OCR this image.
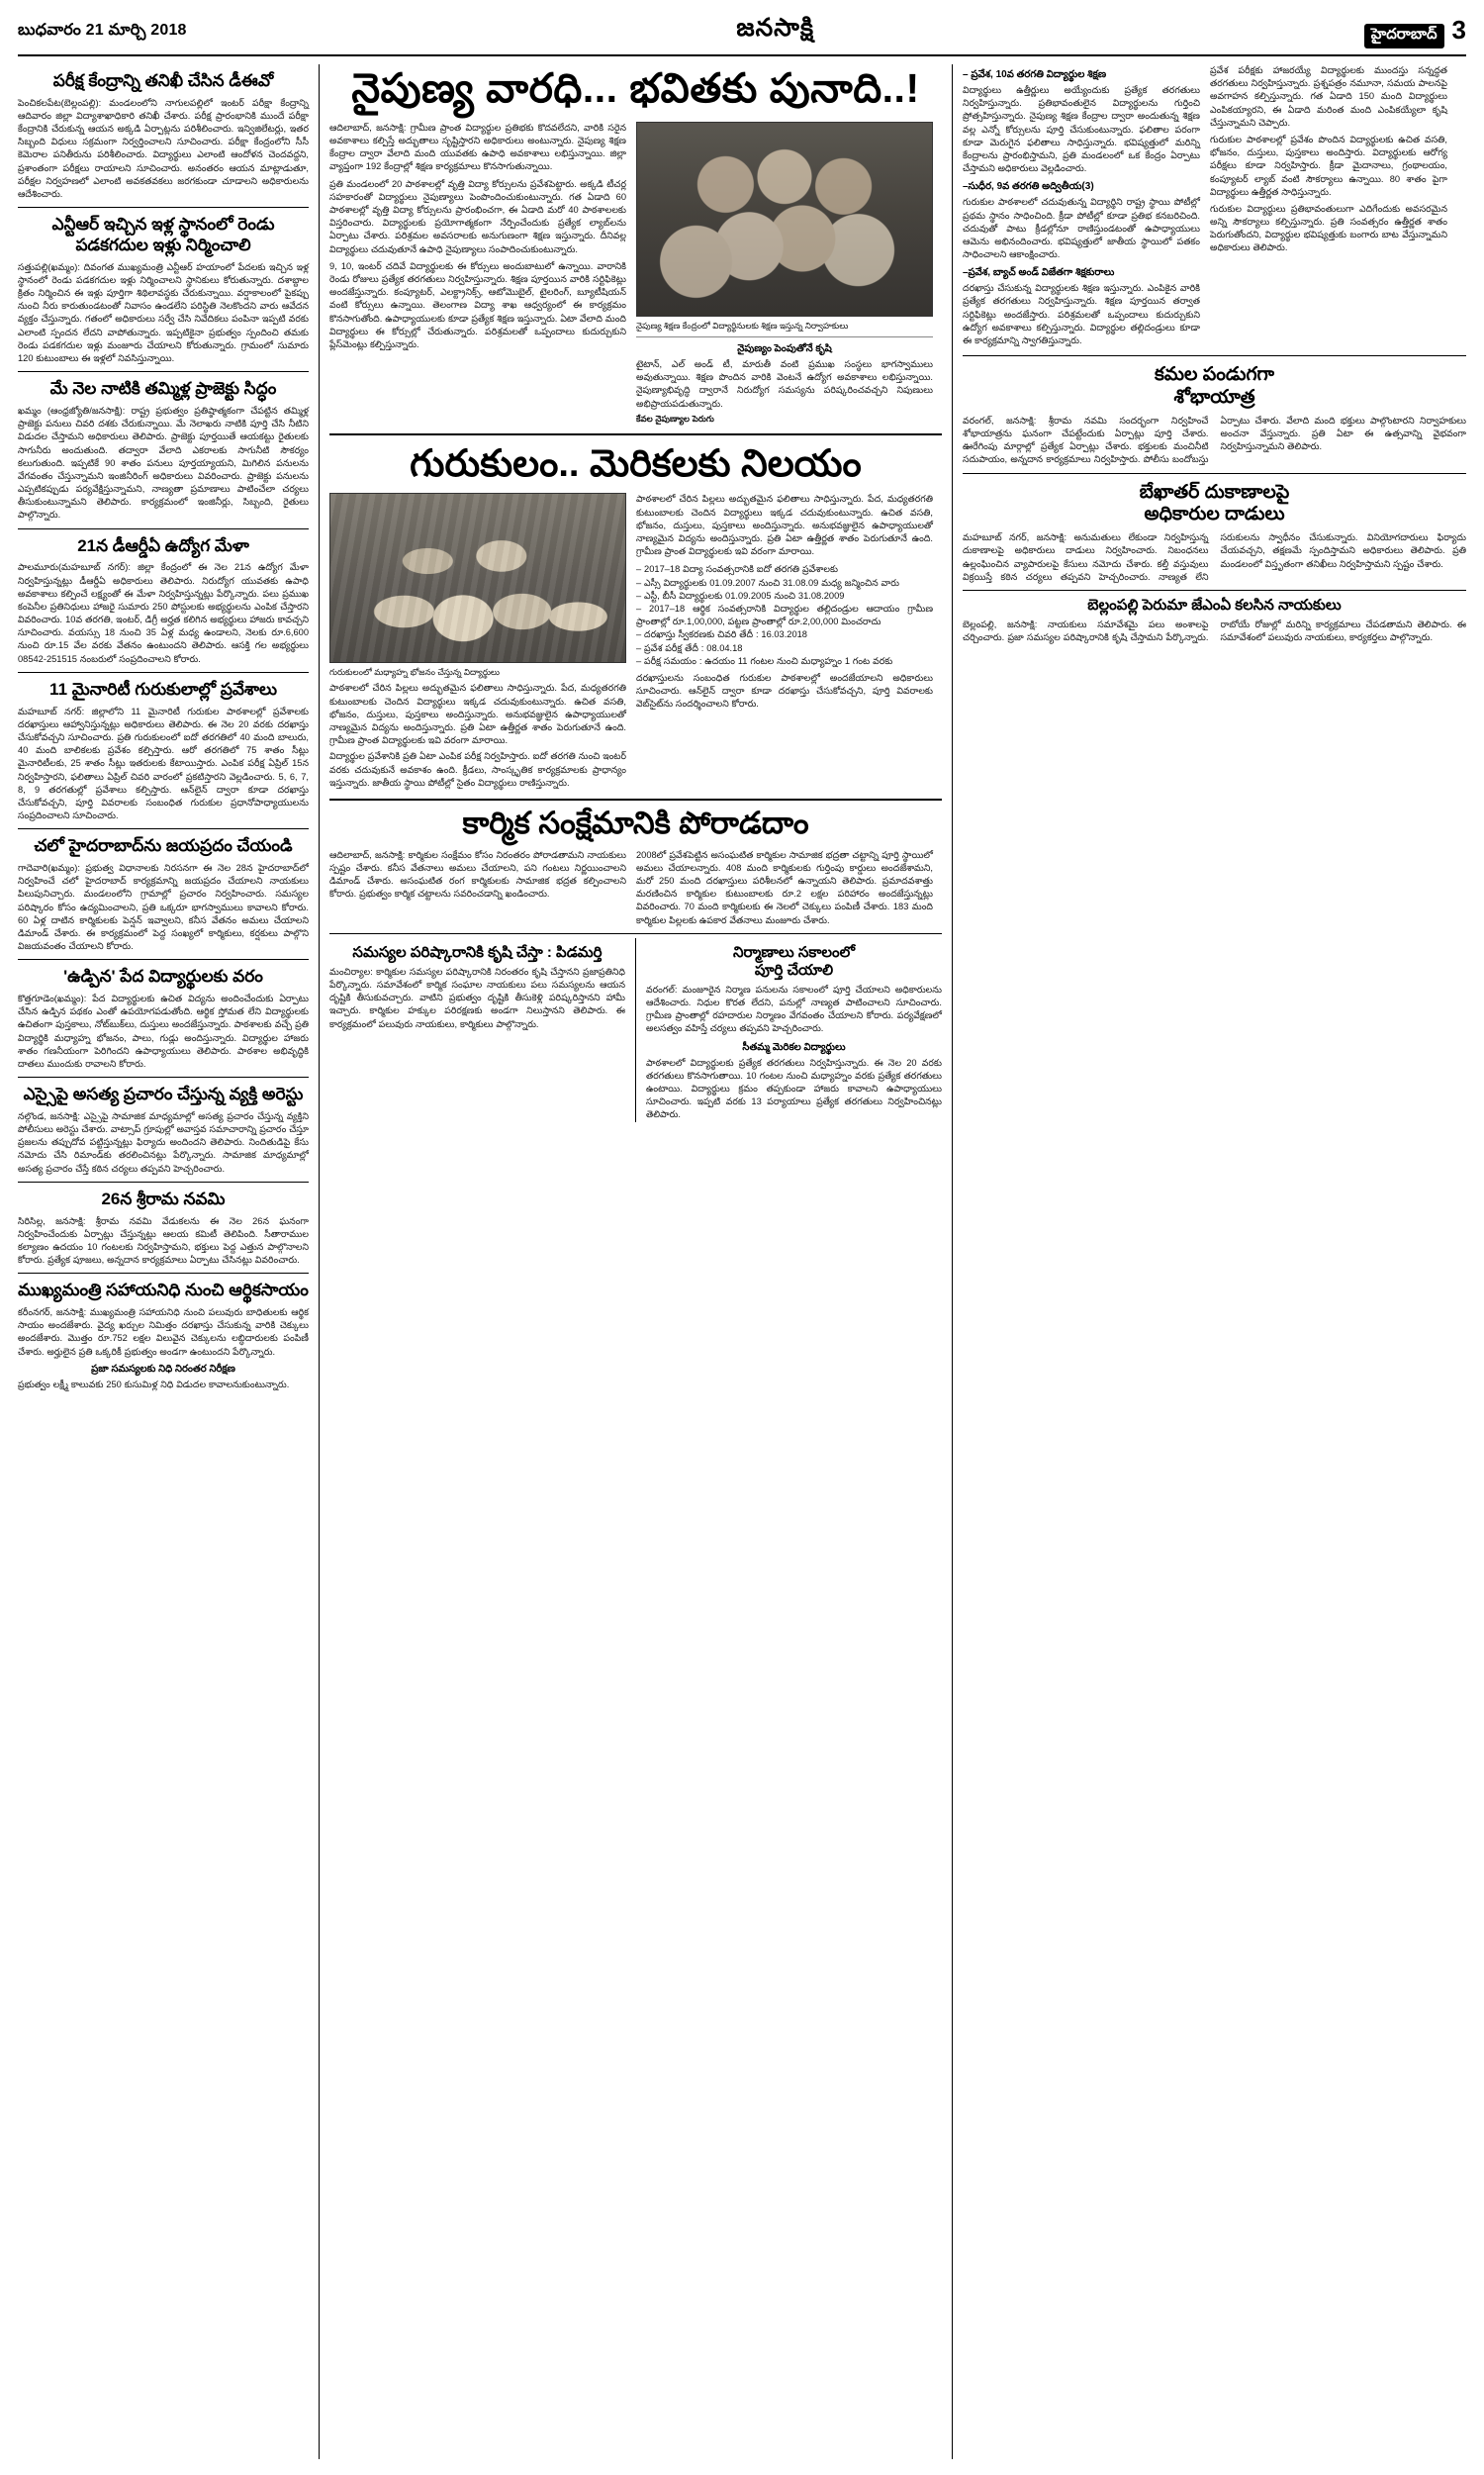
బుధవారం 21 మార్చి 2018	జనసాక్షి	హైదరాబాద్ 3
పరీక్ష కేంద్రాన్ని తనిఖీ చేసిన డీఈవో
పెంచికలపేట(బెల్లంపల్లి): మండలంలోని నాగులపల్లిలో ఇంటర్ పరీక్షా కేంద్రాన్ని ఆదివారం జిల్లా విద్యాశాఖాధికారి తనిఖీ చేశారు. పరీక్ష ప్రారంభానికి ముందే పరీక్షా కేంద్రానికి చేరుకున్న ఆయన అక్కడి ఏర్పాట్లను పరిశీలించారు. ఇన్విజిలేటర్లు, ఇతర సిబ్బంది విధులు సక్రమంగా నిర్వర్తించాలని సూచించారు. పరీక్షా కేంద్రంలోని సీసీ కెమెరాల పనితీరును పరిశీలించారు. విద్యార్థులు ఎలాంటి ఆందోళన చెందవద్దని, ప్రశాంతంగా పరీక్షలు రాయాలని సూచించారు. అనంతరం ఆయన మాట్లాడుతూ, పరీక్షల నిర్వహణలో ఎలాంటి అవకతవకలు జరగకుండా చూడాలని అధికారులను ఆదేశించారు.
ఎన్టీఆర్ ఇచ్చిన ఇళ్ల స్థానంలో రెండు
పడకగదుల ఇళ్లు నిర్మించాలి
సత్తుపల్లి(ఖమ్మం): దివంగత ముఖ్యమంత్రి ఎన్టీఆర్ హయాంలో పేదలకు ఇచ్చిన ఇళ్ల స్థానంలో రెండు పడకగదుల ఇళ్లు నిర్మించాలని స్థానికులు కోరుతున్నారు. దశాబ్దాల క్రితం నిర్మించిన ఈ ఇళ్లు పూర్తిగా శిథిలావస్థకు చేరుకున్నాయి. వర్షాకాలంలో పైకప్పు నుంచి నీరు కారుతుండటంతో నివాసం ఉండలేని పరిస్థితి నెలకొందని వారు ఆవేదన వ్యక్తం చేస్తున్నారు. గతంలో అధికారులు సర్వే చేసి నివేదికలు పంపినా ఇప్పటి వరకు ఎలాంటి స్పందన లేదని వాపోతున్నారు. ఇప్పటికైనా ప్రభుత్వం స్పందించి తమకు రెండు పడకగదుల ఇళ్లు మంజూరు చేయాలని కోరుతున్నారు. గ్రామంలో సుమారు 120 కుటుంబాలు ఈ ఇళ్లలో నివసిస్తున్నాయి.
మే నెల నాటికి తమ్మిళ్ల ప్రాజెక్టు సిద్ధం
ఖమ్మం (ఆంధ్రజ్యోతి/జనసాక్షి): రాష్ట్ర ప్రభుత్వం ప్రతిష్ఠాత్మకంగా చేపట్టిన తమ్మిళ్ల ప్రాజెక్టు పనులు చివరి దశకు చేరుకున్నాయి. మే నెలాఖరు నాటికి పూర్తి చేసి నీటిని విడుదల చేస్తామని అధికారులు తెలిపారు. ప్రాజెక్టు పూర్తయితే ఆయకట్టు రైతులకు సాగునీరు అందుతుంది. తద్వారా వేలాది ఎకరాలకు సాగునీటి సౌకర్యం కలుగుతుంది. ఇప్పటికే 90 శాతం పనులు పూర్తయ్యాయని, మిగిలిన పనులను వేగవంతం చేస్తున్నామని ఇంజినీరింగ్ అధికారులు వివరించారు. ప్రాజెక్టు పనులను ఎప్పటికప్పుడు పర్యవేక్షిస్తున్నామని, నాణ్యతా ప్రమాణాలు పాటించేలా చర్యలు తీసుకుంటున్నామని తెలిపారు. కార్యక్రమంలో ఇంజినీర్లు, సిబ్బంది, రైతులు పాల్గొన్నారు.
21న డీఆర్డీఏ ఉద్యోగ మేళా
పాలమూరు(మహబూబ్ నగర్): జిల్లా కేంద్రంలో ఈ నెల 21న ఉద్యోగ మేళా నిర్వహిస్తున్నట్లు డీఆర్డీఏ అధికారులు తెలిపారు. నిరుద్యోగ యువతకు ఉపాధి అవకాశాలు కల్పించే లక్ష్యంతో ఈ మేళా నిర్వహిస్తున్నట్లు పేర్కొన్నారు. పలు ప్రముఖ కంపెనీల ప్రతినిధులు హాజరై సుమారు 250 పోస్టులకు అభ్యర్థులను ఎంపిక చేస్తారని వివరించారు. 10వ తరగతి, ఇంటర్, డిగ్రీ అర్హత కలిగిన అభ్యర్థులు హాజరు కావచ్చని సూచించారు. వయస్సు 18 నుంచి 35 ఏళ్ల మధ్య ఉండాలని, నెలకు రూ.6,600 నుంచి రూ.15 వేల వరకు వేతనం ఉంటుందని తెలిపారు. ఆసక్తి గల అభ్యర్థులు 08542-251515 నంబరులో సంప్రదించాలని కోరారు.
11 మైనారిటీ గురుకులాల్లో ప్రవేశాలు
మహబూబ్ నగర్: జిల్లాలోని 11 మైనారిటీ గురుకుల పాఠశాలల్లో ప్రవేశాలకు దరఖాస్తులు ఆహ్వానిస్తున్నట్లు అధికారులు తెలిపారు. ఈ నెల 20 వరకు దరఖాస్తు చేసుకోవచ్చని సూచించారు. ప్రతి గురుకులంలో ఐదో తరగతిలో 40 మంది బాలురు, 40 మంది బాలికలకు ప్రవేశం కల్పిస్తారు. ఆరో తరగతిలో 75 శాతం సీట్లు మైనారిటీలకు, 25 శాతం సీట్లు ఇతరులకు కేటాయిస్తారు. ఎంపిక పరీక్ష ఏప్రిల్ 15న నిర్వహిస్తారని, ఫలితాలు ఏప్రిల్ చివరి వారంలో ప్రకటిస్తారని వెల్లడించారు. 5, 6, 7, 8, 9 తరగతుల్లో ప్రవేశాలు కల్పిస్తారు. ఆన్‌లైన్ ద్వారా కూడా దరఖాస్తు చేసుకోవచ్చని, పూర్తి వివరాలకు సంబంధిత గురుకుల ప్రధానోపాధ్యాయులను సంప్రదించాలని సూచించారు.
చలో హైదరాబాద్‌ను జయప్రదం చేయండి
గాదెవారి(ఖమ్మం): ప్రభుత్వ విధానాలకు నిరసనగా ఈ నెల 28న హైదరాబాద్‌లో నిర్వహించే చలో హైదరాబాద్ కార్యక్రమాన్ని జయప్రదం చేయాలని నాయకులు పిలుపునిచ్చారు. మండలంలోని గ్రామాల్లో ప్రచారం నిర్వహించారు. సమస్యల పరిష్కారం కోసం ఉద్యమించాలని, ప్రతి ఒక్కరూ భాగస్వాములు కావాలని కోరారు. 60 ఏళ్ల దాటిన కార్మికులకు పెన్షన్ ఇవ్వాలని, కనీస వేతనం అమలు చేయాలని డిమాండ్ చేశారు. ఈ కార్యక్రమంలో పెద్ద సంఖ్యలో కార్మికులు, కర్షకులు పాల్గొని విజయవంతం చేయాలని కోరారు.
'ఉడ్పిన' పేద విద్యార్థులకు వరం
కొత్తగూడెం(ఖమ్మం): పేద విద్యార్థులకు ఉచిత విద్యను అందించేందుకు ఏర్పాటు చేసిన ఉడ్పిన పథకం ఎంతో ఉపయోగపడుతోంది. ఆర్థిక స్తోమత లేని విద్యార్థులకు ఉచితంగా పుస్తకాలు, నోట్‌బుక్‌లు, దుస్తులు అందజేస్తున్నారు. పాఠశాలకు వచ్చే ప్రతి విద్యార్థికి మధ్యాహ్న భోజనం, పాలు, గుడ్లు అందిస్తున్నారు. విద్యార్థుల హాజరు శాతం గణనీయంగా పెరిగిందని ఉపాధ్యాయులు తెలిపారు. పాఠశాల అభివృద్ధికి దాతలు ముందుకు రావాలని కోరారు.
ఎస్సైపై అసత్య ప్రచారం చేస్తున్న వ్యక్తి అరెస్టు
నల్గొండ, జనసాక్షి: ఎస్సైపై సామాజిక మాధ్యమాల్లో అసత్య ప్రచారం చేస్తున్న వ్యక్తిని పోలీసులు అరెస్టు చేశారు. వాట్సాప్ గ్రూపుల్లో అవాస్తవ సమాచారాన్ని ప్రచారం చేస్తూ ప్రజలను తప్పుదోవ పట్టిస్తున్నట్లు ఫిర్యాదు అందిందని తెలిపారు. నిందితుడిపై కేసు నమోదు చేసి రిమాండ్‌కు తరలించినట్లు పేర్కొన్నారు. సామాజిక మాధ్యమాల్లో అసత్య ప్రచారం చేస్తే కఠిన చర్యలు తప్పవని హెచ్చరించారు.
26న శ్రీరామ నవమి
సిరిసిల్ల, జనసాక్షి: శ్రీరామ నవమి వేడుకలను ఈ నెల 26న ఘనంగా నిర్వహించేందుకు ఏర్పాట్లు చేస్తున్నట్లు ఆలయ కమిటీ తెలిపింది. సీతారాముల కల్యాణం ఉదయం 10 గంటలకు నిర్వహిస్తామని, భక్తులు పెద్ద ఎత్తున పాల్గొనాలని కోరారు. ప్రత్యేక పూజలు, అన్నదాన కార్యక్రమాలు ఏర్పాటు చేసినట్లు వివరించారు.
ముఖ్యమంత్రి సహాయనిధి నుంచి ఆర్థికసాయం
కరీంనగర్, జనసాక్షి: ముఖ్యమంత్రి సహాయనిధి నుంచి పలువురు బాధితులకు ఆర్థిక సాయం అందజేశారు. వైద్య ఖర్చుల నిమిత్తం దరఖాస్తు చేసుకున్న వారికి చెక్కులు అందజేశారు. మొత్తం రూ.752 లక్షల విలువైన చెక్కులను లబ్ధిదారులకు పంపిణీ చేశారు. అర్హులైన ప్రతి ఒక్కరికీ ప్రభుత్వం అండగా ఉంటుందని పేర్కొన్నారు.
ప్రజా సమస్యలకు నిధి నిరంతర నిరీక్షణ
ప్రభుత్వం లక్ష్మీ కాలువకు 250 కుసుమిళ్ల నిధి విడుదల కావాలనుకుంటున్నారు.
నైపుణ్య వారధి... భవితకు పునాది..!
ఆదిలాబాద్, జనసాక్షి: గ్రామీణ ప్రాంత విద్యార్థుల ప్రతిభకు కొదవలేదని, వారికి సరైన అవకాశాలు కల్పిస్తే అద్భుతాలు సృష్టిస్తారని అధికారులు అంటున్నారు. నైపుణ్య శిక్షణ కేంద్రాల ద్వారా వేలాది మంది యువతకు ఉపాధి అవకాశాలు లభిస్తున్నాయి. జిల్లా వ్యాప్తంగా 192 కేంద్రాల్లో శిక్షణ కార్యక్రమాలు కొనసాగుతున్నాయి.
ప్రతి మండలంలో 20 పాఠశాలల్లో వృత్తి విద్యా కోర్సులను ప్రవేశపెట్టారు. అక్కడి టీచర్ల సహకారంతో విద్యార్థులు నైపుణ్యాలు పెంపొందించుకుంటున్నారు. గత ఏడాది 60 పాఠశాలల్లో వృత్తి విద్యా కోర్సులను ప్రారంభించగా, ఈ ఏడాది మరో 40 పాఠశాలలకు విస్తరించారు. విద్యార్థులకు ప్రయోగాత్మకంగా నేర్పించేందుకు ప్రత్యేక ల్యాబ్‌లను ఏర్పాటు చేశారు. పరిశ్రమల అవసరాలకు అనుగుణంగా శిక్షణ ఇస్తున్నారు. దీనివల్ల విద్యార్థులు చదువుతూనే ఉపాధి నైపుణ్యాలు సంపాదించుకుంటున్నారు.
9, 10, ఇంటర్ చదివే విద్యార్థులకు ఈ కోర్సులు అందుబాటులో ఉన్నాయి. వారానికి రెండు రోజులు ప్రత్యేక తరగతులు నిర్వహిస్తున్నారు. శిక్షణ పూర్తయిన వారికి సర్టిఫికెట్లు అందజేస్తున్నారు. కంప్యూటర్, ఎలక్ట్రానిక్స్, ఆటోమొబైల్, టైలరింగ్, బ్యూటీషియన్ వంటి కోర్సులు ఉన్నాయి. తెలంగాణ విద్యా శాఖ ఆధ్వర్యంలో ఈ కార్యక్రమం కొనసాగుతోంది. ఉపాధ్యాయులకు కూడా ప్రత్యేక శిక్షణ ఇస్తున్నారు. ఏటా వేలాది మంది విద్యార్థులు ఈ కోర్సుల్లో చేరుతున్నారు. పరిశ్రమలతో ఒప్పందాలు కుదుర్చుకుని ప్లేస్‌మెంట్లు కల్పిస్తున్నారు.
నైపుణ్య శిక్షణ కేంద్రంలో విద్యార్థినులకు శిక్షణ ఇస్తున్న నిర్వాహకులు
నైపుణ్యం పెంపుతోనే కృషి
టైటాన్, ఎల్ అండ్ టీ, మారుతీ వంటి ప్రముఖ సంస్థలు భాగస్వాములు అవుతున్నాయి. శిక్షణ పొందిన వారికి వెంటనే ఉద్యోగ అవకాశాలు లభిస్తున్నాయి. నైపుణ్యాభివృద్ధి ద్వారానే నిరుద్యోగ సమస్యను పరిష్కరించవచ్చని నిపుణులు అభిప్రాయపడుతున్నారు.
కేవల నైపుణ్యాల పెరుగు
గురుకులం.. మెరికలకు నిలయం
గురుకులంలో మధ్యాహ్న భోజనం చేస్తున్న విద్యార్థులు
పాఠశాలలో చేరిన పిల్లలు అద్భుతమైన ఫలితాలు సాధిస్తున్నారు. పేద, మధ్యతరగతి కుటుంబాలకు చెందిన విద్యార్థులు ఇక్కడ చదువుకుంటున్నారు. ఉచిత వసతి, భోజనం, దుస్తులు, పుస్తకాలు అందిస్తున్నారు. అనుభవజ్ఞులైన ఉపాధ్యాయులతో నాణ్యమైన విద్యను అందిస్తున్నారు. ప్రతి ఏటా ఉత్తీర్ణత శాతం పెరుగుతూనే ఉంది. గ్రామీణ ప్రాంత విద్యార్థులకు ఇవి వరంగా మారాయి.
విద్యార్థుల ప్రవేశానికి ప్రతి ఏటా ఎంపిక పరీక్ష నిర్వహిస్తారు. ఐదో తరగతి నుంచి ఇంటర్ వరకు చదువుకునే అవకాశం ఉంది. క్రీడలు, సాంస్కృతిక కార్యక్రమాలకు ప్రాధాన్యం ఇస్తున్నారు. జాతీయ స్థాయి పోటీల్లో సైతం విద్యార్థులు రాణిస్తున్నారు.
పాఠశాలలో చేరిన పిల్లలు అద్భుతమైన ఫలితాలు సాధిస్తున్నారు. పేద, మధ్యతరగతి కుటుంబాలకు చెందిన విద్యార్థులు ఇక్కడ చదువుకుంటున్నారు. ఉచిత వసతి, భోజనం, దుస్తులు, పుస్తకాలు అందిస్తున్నారు. అనుభవజ్ఞులైన ఉపాధ్యాయులతో నాణ్యమైన విద్యను అందిస్తున్నారు. ప్రతి ఏటా ఉత్తీర్ణత శాతం పెరుగుతూనే ఉంది. గ్రామీణ ప్రాంత విద్యార్థులకు ఇవి వరంగా మారాయి.
– 2017–18 విద్యా సంవత్సరానికి ఐదో తరగతి ప్రవేశాలకు
– ఎస్సీ విద్యార్థులకు 01.09.2007 నుంచి 31.08.09 మధ్య జన్మించిన వారు
– ఎస్టీ, బీసీ విద్యార్థులకు 01.09.2005 నుంచి 31.08.2009
– 2017–18 ఆర్థిక సంవత్సరానికి విద్యార్థుల తల్లిదండ్రుల ఆదాయం గ్రామీణ ప్రాంతాల్లో రూ.1,00,000, పట్టణ ప్రాంతాల్లో రూ.2,00,000 మించరాదు
– దరఖాస్తు స్వీకరణకు చివరి తేదీ : 16.03.2018
– ప్రవేశ పరీక్ష తేదీ : 08.04.18
– పరీక్ష సమయం : ఉదయం 11 గంటల నుంచి మధ్యాహ్నం 1 గంట వరకు
దరఖాస్తులను సంబంధిత గురుకుల పాఠశాలల్లో అందజేయాలని అధికారులు సూచించారు. ఆన్‌లైన్ ద్వారా కూడా దరఖాస్తు చేసుకోవచ్చని, పూర్తి వివరాలకు వెబ్‌సైట్‌ను సందర్శించాలని కోరారు.
కార్మిక సంక్షేమానికి పోరాడదాం
ఆదిలాబాద్, జనసాక్షి: కార్మికుల సంక్షేమం కోసం నిరంతరం పోరాడతామని నాయకులు స్పష్టం చేశారు. కనీస వేతనాలు అమలు చేయాలని, పని గంటలు నిర్ణయించాలని డిమాండ్ చేశారు. అసంఘటిత రంగ కార్మికులకు సామాజిక భద్రత కల్పించాలని కోరారు. ప్రభుత్వం కార్మిక చట్టాలను సవరించడాన్ని ఖండించారు.
2008లో ప్రవేశపెట్టిన అసంఘటిత కార్మికుల సామాజిక భద్రతా చట్టాన్ని పూర్తి స్థాయిలో అమలు చేయాలన్నారు. 408 మంది కార్మికులకు గుర్తింపు కార్డులు అందజేశామని, మరో 250 మంది దరఖాస్తులు పరిశీలనలో ఉన్నాయని తెలిపారు. ప్రమాదవశాత్తు మరణించిన కార్మికుల కుటుంబాలకు రూ.2 లక్షల పరిహారం అందజేస్తున్నట్లు వివరించారు. 70 మంది కార్మికులకు ఈ నెలలో చెక్కులు పంపిణీ చేశారు. 183 మంది కార్మికుల పిల్లలకు ఉపకార వేతనాలు మంజూరు చేశారు.
సమస్యల పరిష్కారానికి కృషి చేస్తా : పిడమర్తి
మంచిర్యాల: కార్మికుల సమస్యల పరిష్కారానికి నిరంతరం కృషి చేస్తానని ప్రజాప్రతినిధి పేర్కొన్నారు. సమావేశంలో కార్మిక సంఘాల నాయకులు పలు సమస్యలను ఆయన దృష్టికి తీసుకువచ్చారు. వాటిని ప్రభుత్వం దృష్టికి తీసుకెళ్లి పరిష్కరిస్తానని హామీ ఇచ్చారు. కార్మికుల హక్కుల పరిరక్షణకు అండగా నిలుస్తానని తెలిపారు. ఈ కార్యక్రమంలో పలువురు నాయకులు, కార్మికులు పాల్గొన్నారు.
నిర్మాణాలు సకాలంలో
పూర్తి చేయాలి
వరంగల్: మంజూరైన నిర్మాణ పనులను సకాలంలో పూర్తి చేయాలని అధికారులను ఆదేశించారు. నిధుల కొరత లేదని, పనుల్లో నాణ్యత పాటించాలని సూచించారు. గ్రామీణ ప్రాంతాల్లో రహదారుల నిర్మాణం వేగవంతం చేయాలని కోరారు. పర్యవేక్షణలో అలసత్వం వహిస్తే చర్యలు తప్పవని హెచ్చరించారు.
సీతమ్మ మెరికల విద్యార్థులు
పాఠశాలలో విద్యార్థులకు ప్రత్యేక తరగతులు నిర్వహిస్తున్నారు. ఈ నెల 20 వరకు తరగతులు కొనసాగుతాయి. 10 గంటల నుంచి మధ్యాహ్నం వరకు ప్రత్యేక తరగతులు ఉంటాయి. విద్యార్థులు క్రమం తప్పకుండా హాజరు కావాలని ఉపాధ్యాయులు సూచించారు. ఇప్పటి వరకు 13 పర్యాయాలు ప్రత్యేక తరగతులు నిర్వహించినట్లు తెలిపారు.
– ప్రవేశ, 10వ తరగతి విద్యార్థుల శిక్షణ
విద్యార్థులు ఉత్తీర్ణులు అయ్యేందుకు ప్రత్యేక తరగతులు నిర్వహిస్తున్నారు. ప్రతిభావంతులైన విద్యార్థులను గుర్తించి ప్రోత్సహిస్తున్నారు. నైపుణ్య శిక్షణ కేంద్రాల ద్వారా అందుతున్న శిక్షణ వల్ల ఎన్నో కోర్సులను పూర్తి చేసుకుంటున్నారు. ఫలితాల పరంగా కూడా మెరుగైన ఫలితాలు సాధిస్తున్నారు. భవిష్యత్తులో మరిన్ని కేంద్రాలను ప్రారంభిస్తామని, ప్రతి మండలంలో ఒక కేంద్రం ఏర్పాటు చేస్తామని అధికారులు వెల్లడించారు.
–సుధీర, 9వ తరగతి అద్వితీయ(3)
గురుకుల పాఠశాలలో చదువుతున్న విద్యార్థిని రాష్ట్ర స్థాయి పోటీల్లో ప్రథమ స్థానం సాధించింది. క్రీడా పోటీల్లో కూడా ప్రతిభ కనబరిచింది. చదువుతో పాటు క్రీడల్లోనూ రాణిస్తుండటంతో ఉపాధ్యాయులు ఆమెను అభినందించారు. భవిష్యత్తులో జాతీయ స్థాయిలో పతకం సాధించాలని ఆకాంక్షించారు.
–ప్రవేశ, బ్యాచ్ అండ్ విజేతగా శిక్షకురాలు
దరఖాస్తు చేసుకున్న విద్యార్థులకు శిక్షణ ఇస్తున్నారు. ఎంపికైన వారికి ప్రత్యేక తరగతులు నిర్వహిస్తున్నారు. శిక్షణ పూర్తయిన తర్వాత సర్టిఫికెట్లు అందజేస్తారు. పరిశ్రమలతో ఒప్పందాలు కుదుర్చుకుని ఉద్యోగ అవకాశాలు కల్పిస్తున్నారు. విద్యార్థుల తల్లిదండ్రులు కూడా ఈ కార్యక్రమాన్ని స్వాగతిస్తున్నారు.
ప్రవేశ పరీక్షకు హాజరయ్యే విద్యార్థులకు ముందస్తు సన్నద్ధత తరగతులు నిర్వహిస్తున్నారు. ప్రశ్నపత్రం నమూనా, సమయ పాలనపై అవగాహన కల్పిస్తున్నారు. గత ఏడాది 150 మంది విద్యార్థులు ఎంపికయ్యారని, ఈ ఏడాది మరింత మంది ఎంపికయ్యేలా కృషి చేస్తున్నామని చెప్పారు.
గురుకుల పాఠశాలల్లో ప్రవేశం పొందిన విద్యార్థులకు ఉచిత వసతి, భోజనం, దుస్తులు, పుస్తకాలు అందిస్తారు. విద్యార్థులకు ఆరోగ్య పరీక్షలు కూడా నిర్వహిస్తారు. క్రీడా మైదానాలు, గ్రంథాలయం, కంప్యూటర్ ల్యాబ్ వంటి సౌకర్యాలు ఉన్నాయి. 80 శాతం పైగా విద్యార్థులు ఉత్తీర్ణత సాధిస్తున్నారు.
గురుకుల విద్యార్థులు ప్రతిభావంతులుగా ఎదిగేందుకు అవసరమైన అన్ని సౌకర్యాలు కల్పిస్తున్నారు. ప్రతి సంవత్సరం ఉత్తీర్ణత శాతం పెరుగుతోందని, విద్యార్థుల భవిష్యత్తుకు బంగారు బాట వేస్తున్నామని అధికారులు తెలిపారు.
కమల పండుగగా
శోభాయాత్ర
వరంగల్, జనసాక్షి: శ్రీరామ నవమి సందర్భంగా నిర్వహించే శోభాయాత్రను ఘనంగా చేపట్టేందుకు ఏర్పాట్లు పూర్తి చేశారు. ఊరేగింపు మార్గాల్లో ప్రత్యేక ఏర్పాట్లు చేశారు. భక్తులకు మంచినీటి సదుపాయం, అన్నదాన కార్యక్రమాలు నిర్వహిస్తారు. పోలీసు బందోబస్తు ఏర్పాటు చేశారు. వేలాది మంది భక్తులు పాల్గొంటారని నిర్వాహకులు అంచనా వేస్తున్నారు. ప్రతి ఏటా ఈ ఉత్సవాన్ని వైభవంగా నిర్వహిస్తున్నామని తెలిపారు.
బేఖాతర్ దుకాణాలపై
అధికారుల దాడులు
మహబూబ్ నగర్, జనసాక్షి: అనుమతులు లేకుండా నిర్వహిస్తున్న దుకాణాలపై అధికారులు దాడులు నిర్వహించారు. నిబంధనలు ఉల్లంఘించిన వ్యాపారులపై కేసులు నమోదు చేశారు. కల్తీ వస్తువులు విక్రయిస్తే కఠిన చర్యలు తప్పవని హెచ్చరించారు. నాణ్యత లేని సరుకులను స్వాధీనం చేసుకున్నారు. వినియోగదారులు ఫిర్యాదు చేయవచ్చని, తక్షణమే స్పందిస్తామని అధికారులు తెలిపారు. ప్రతి మండలంలో విస్తృతంగా తనిఖీలు నిర్వహిస్తామని స్పష్టం చేశారు.
బెల్లంపల్లి పెరుమా జేఎంఏ కలసిన నాయకులు
బెల్లంపల్లి, జనసాక్షి: నాయకులు సమావేశమై పలు అంశాలపై చర్చించారు. ప్రజా సమస్యల పరిష్కారానికి కృషి చేస్తామని పేర్కొన్నారు. రాబోయే రోజుల్లో మరిన్ని కార్యక్రమాలు చేపడతామని తెలిపారు. ఈ సమావేశంలో పలువురు నాయకులు, కార్యకర్తలు పాల్గొన్నారు.
